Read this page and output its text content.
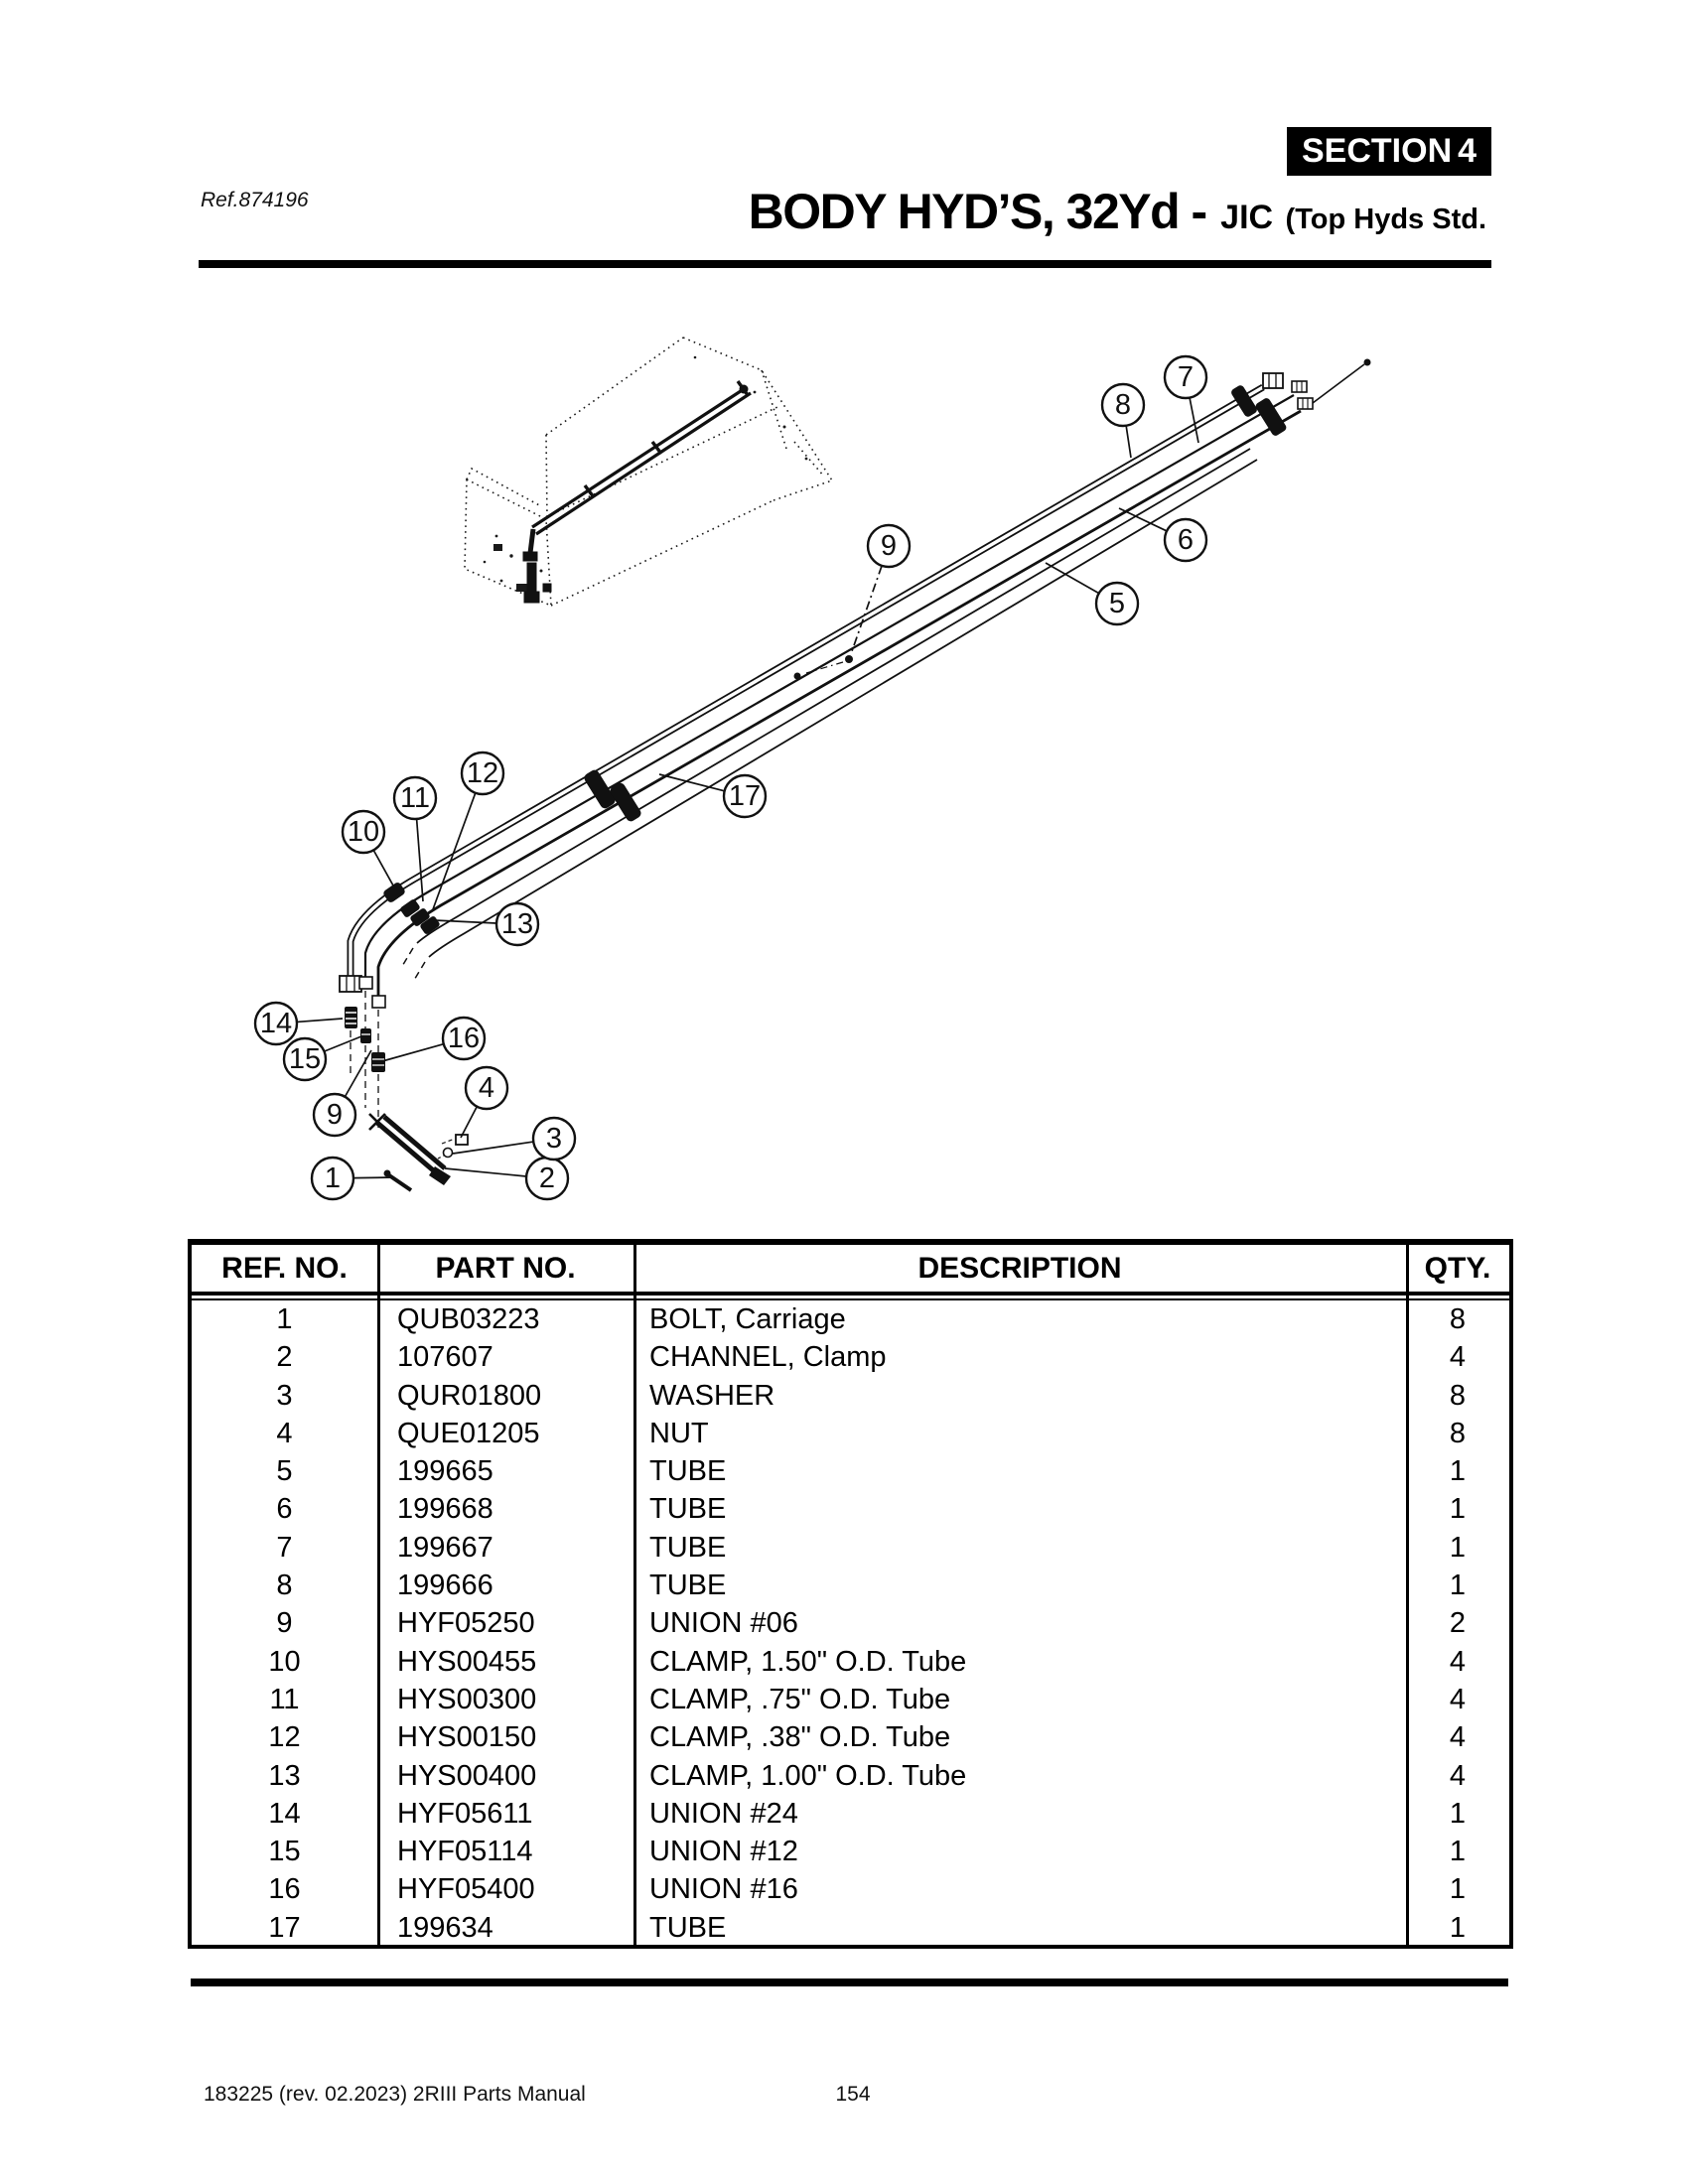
1	2
3
4
5
6
7
8
9
9
10
11
12
13
14
15
16
17
SECTION 4
Ref.874196	BODY HYD’S, 32Yd - JIC (Top Hyds Std.
REF. NO.	PART NO.	DESCRIPTION	QTY.
1	QUB03223	BOLT, Carriage	8
2	107607	CHANNEL, Clamp	4
3	QUR01800	WASHER	8
4	QUE01205	NUT	8
5	199665	TUBE	1
6	199668	TUBE	1
7	199667	TUBE	1
8	199666	TUBE	1
9	HYF05250	UNION #06	2
10	HYS00455	CLAMP, 1.50" O.D. Tube	4
11	HYS00300	CLAMP, .75" O.D. Tube	4
12	HYS00150	CLAMP, .38" O.D. Tube	4
13	HYS00400	CLAMP, 1.00" O.D. Tube	4
14	HYF05611	UNION #24	1
15	HYF05114	UNION #12	1
16	HYF05400	UNION #16	1
17	199634	TUBE	1
183225 (rev. 02.2023) 2RIII Parts Manual	154
